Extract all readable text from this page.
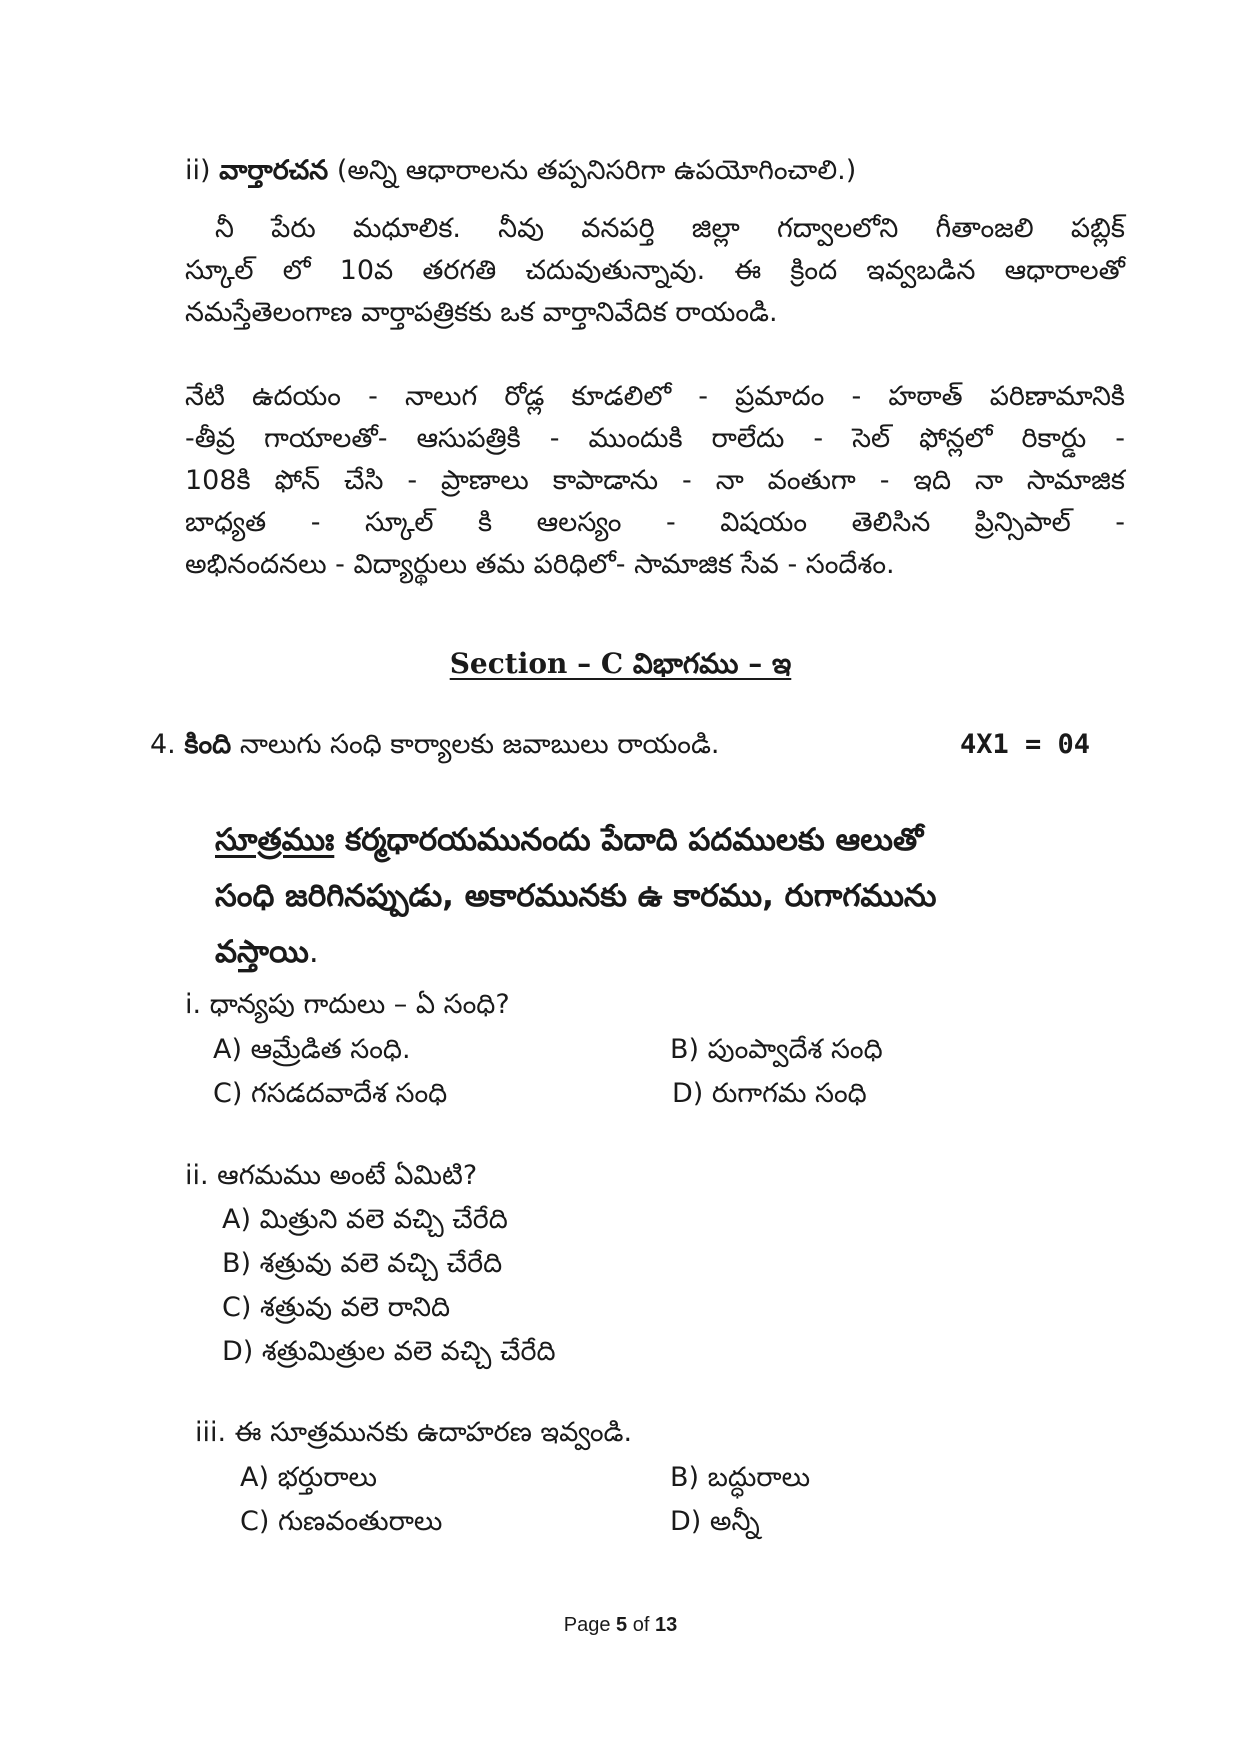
ii) వార్తారచన (అన్ని ఆధారాలను తప్పనిసరిగా ఉపయోగించాలి.)
నీ పేరు మధూలిక. నీవు వనపర్తి జిల్లా గద్వాలలోని గీతాంజలి పబ్లిక్
స్కూల్ లో 10వ తరగతి చదువుతున్నావు. ఈ క్రింద ఇవ్వబడిన ఆధారాలతో
నమస్తేతెలంగాణ వార్తాపత్రికకు ఒక వార్తానివేదిక రాయండి.
నేటి ఉదయం - నాలుగ రోడ్ల కూడలిలో - ప్రమాదం - హఠాత్ పరిణామానికి
-తీవ్ర గాయాలతో- ఆసుపత్రికి - ముందుకి రాలేదు - సెల్ ఫోన్లలో రికార్డు -
108కి ఫోన్ చేసి - ప్రాణాలు కాపాడాను - నా వంతుగా - ఇది నా సామాజిక
బాధ్యత - స్కూల్ కి ఆలస్యం - విషయం తెలిసిన ప్రిన్సిపాల్ -
అభినందనలు - విద్యార్థులు తమ పరిధిలో- సామాజిక సేవ - సందేశం.
Section – C విభాగము – ఇ
4. కింది నాలుగు సంధి కార్యాలకు జవాబులు రాయండి.	4X1 = 04
సూత్రము కర్మధారయమునందు పేదాది పదములకు ఆలుతో
సంధి జరిగినప్పుడు, అకారమునకు ఉ కారము, రుగాగమును
వస్తాయి.
i. ధాన్యపు గాదులు – ఏ సంధి?
A) ఆమ్రేడిత సంధి.	B) పుంప్వాదేశ సంధి
C) గసడదవాదేశ సంధి	D) రుగాగమ సంధి
ii. ఆగమము అంటే ఏమిటి?
A) మిత్రుని వలె వచ్చి చేరేది
B) శత్రువు వలె వచ్చి చేరేది
C) శత్రువు వలె రానిది
D) శత్రుమిత్రుల వలె వచ్చి చేరేది
iii. ఈ సూత్రమునకు ఉదాహరణ ఇవ్వండి.
A) భర్తురాలు	B) బద్ధురాలు
C) గుణవంతురాలు	D) అన్నీ
Page 5 of 13
